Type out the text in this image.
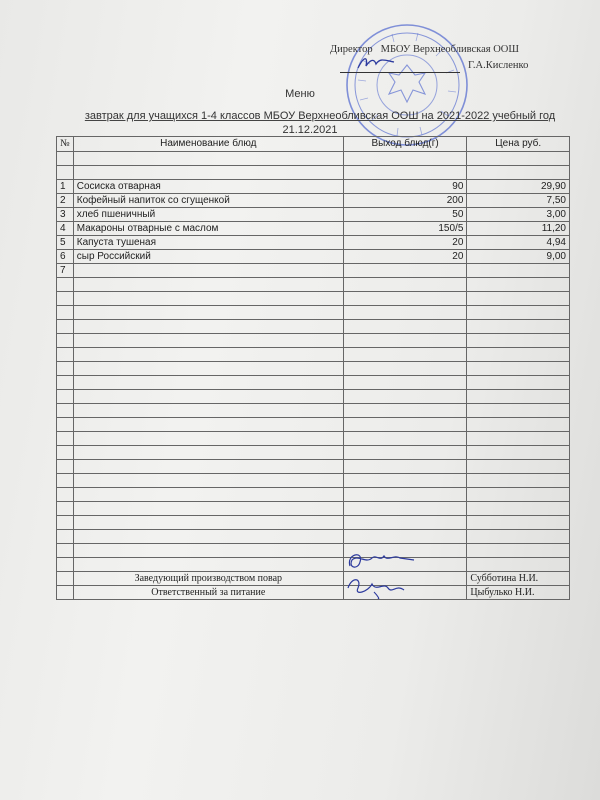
Директор МБОУ Верхнеобливская ООШ
Г.А.Кисленко
Меню
завтрак для учащихся 1-4 классов МБОУ Верхнеобливская ООШ на 2021-2022 учебный год
21.12.2021
№	Наименование блюд	Выход блюд(г)	Цена руб.

1	Сосиска отварная	90	29,90
2	Кофейный напиток со сгущенкой	200	7,50
3	хлеб пшеничный	50	3,00
4	Макароны отварные с маслом	150/5	11,20
5	Капуста тушеная	20	4,94
6	сыр Российский	20	9,00
7			

	Заведующий производством повар		Субботина Н.И.
	Ответственный за питание		Цыбулько Н.И.
